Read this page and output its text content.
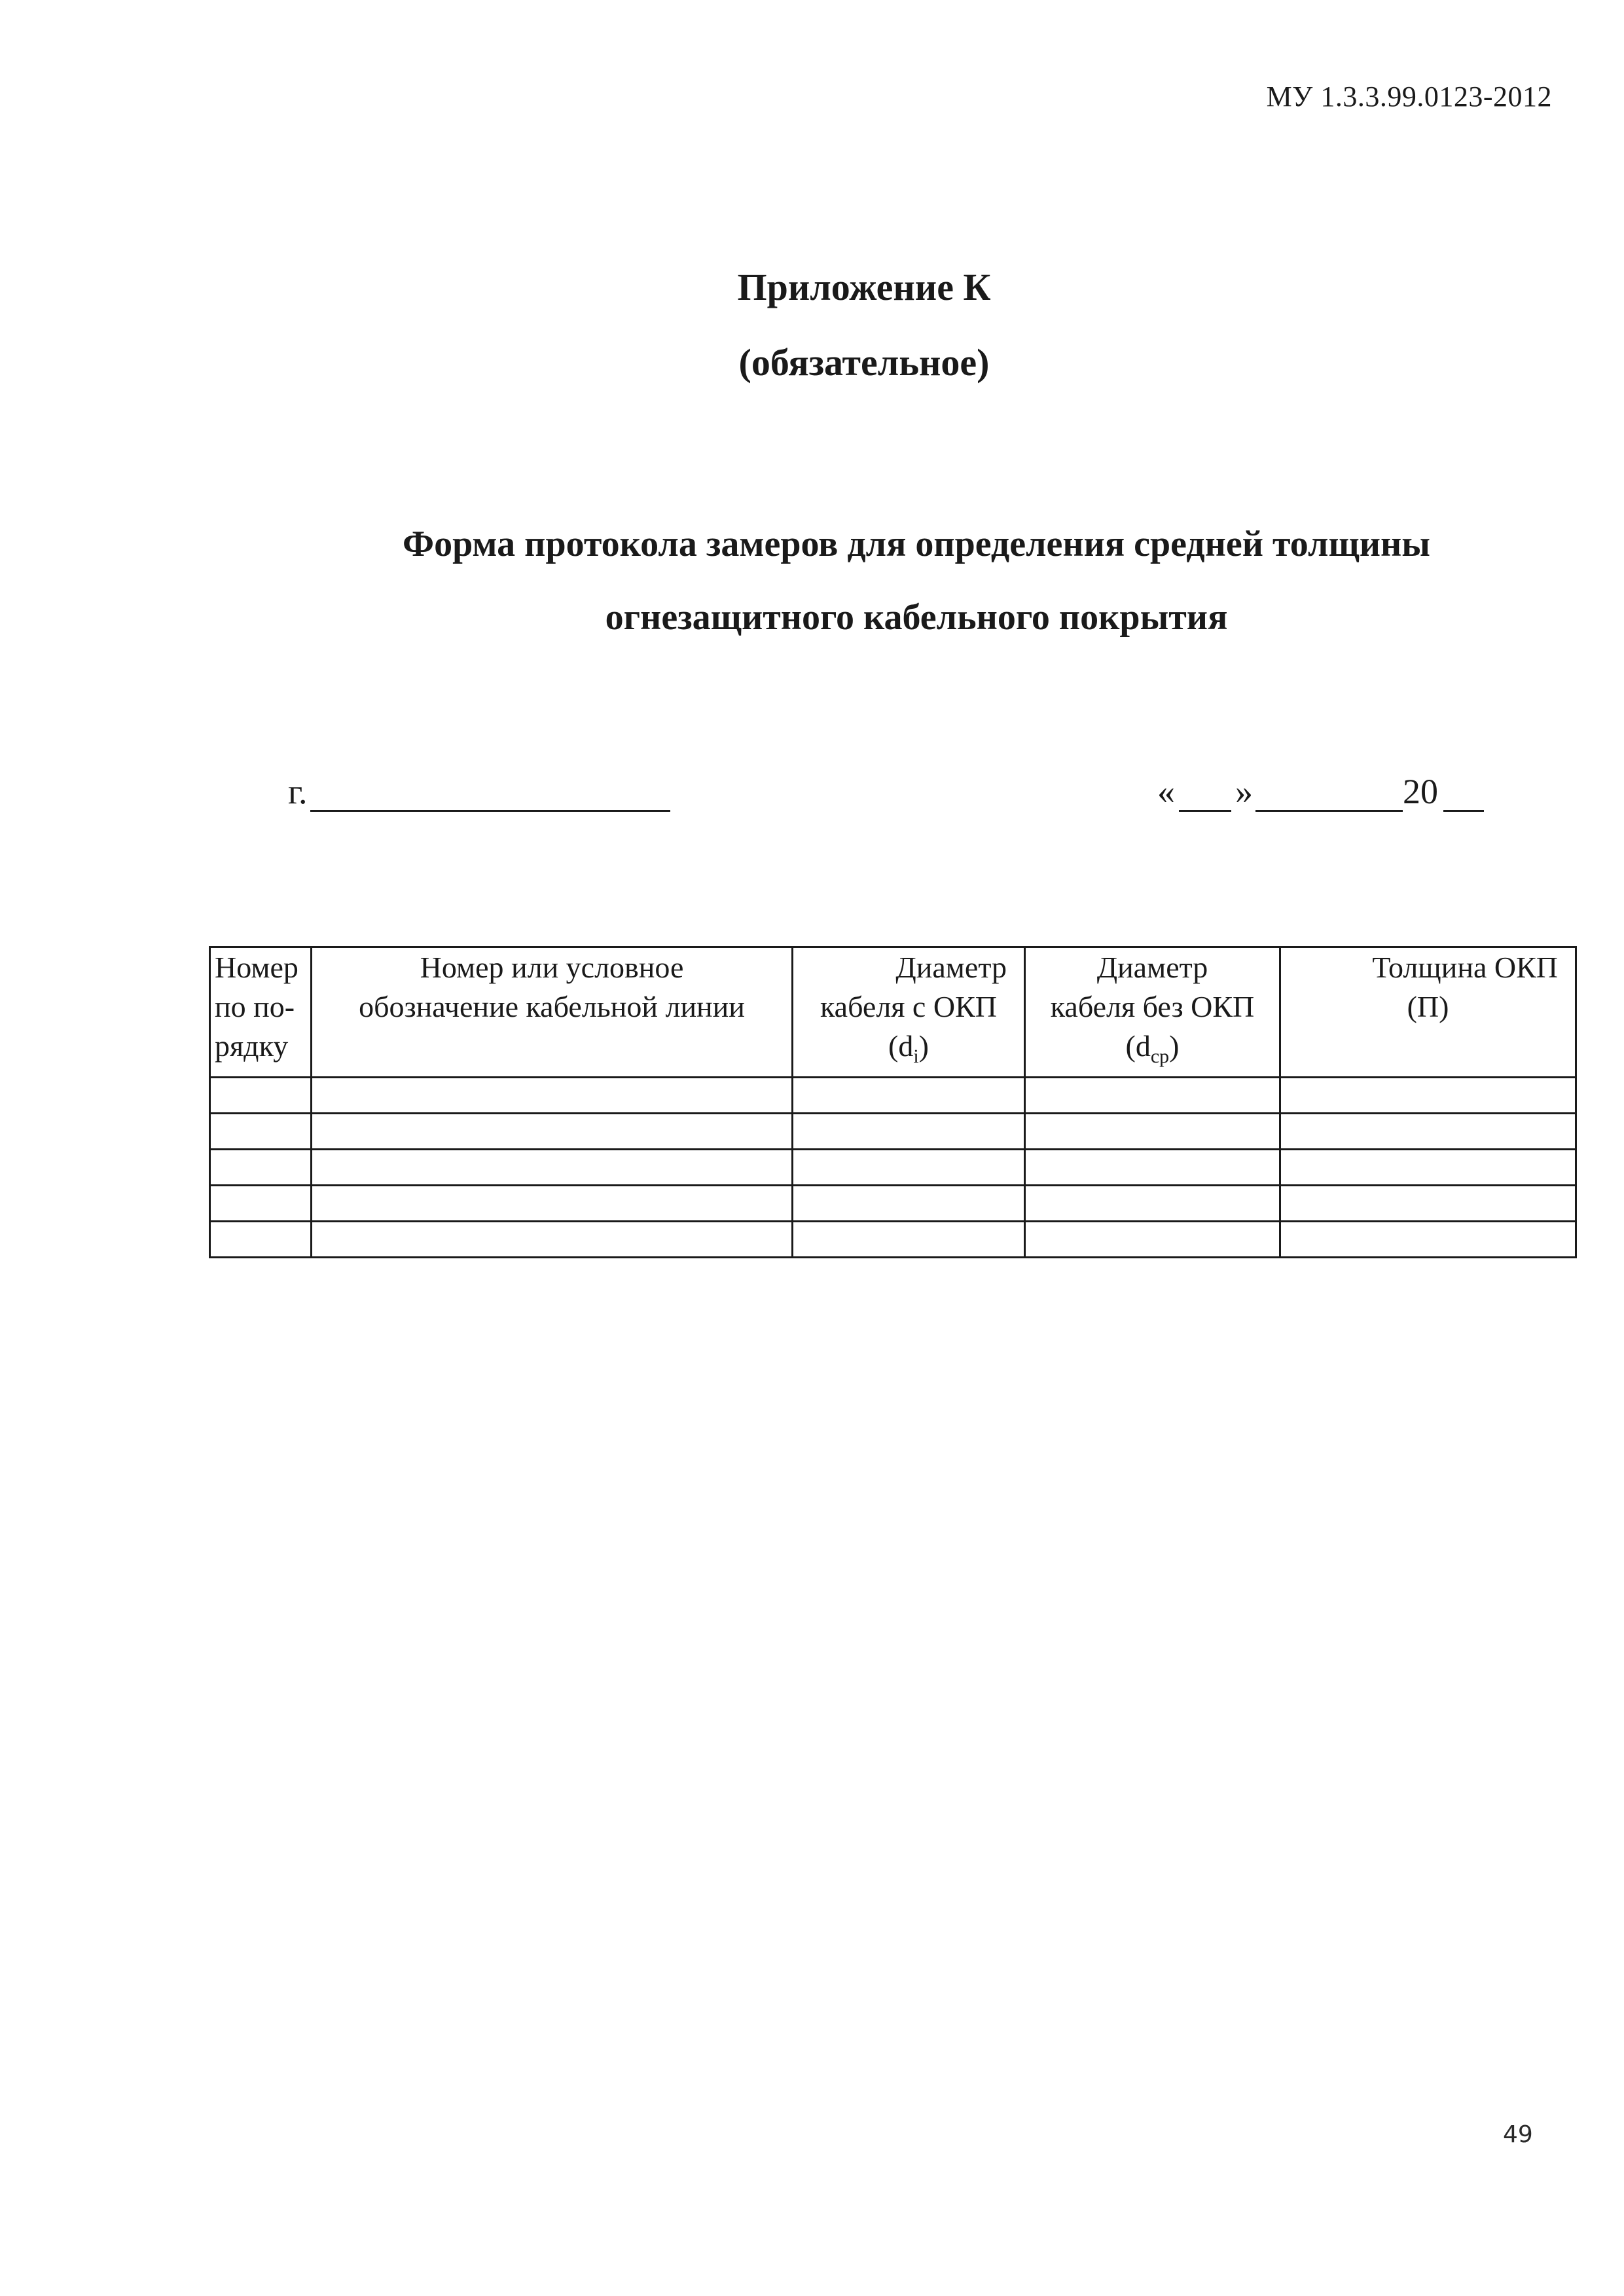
МУ 1.3.3.99.0123-2012
Приложение К
(обязательное)
Форма протокола замеров для определения средней толщины
огнезащитного кабельного покрытия
г.	« »	20
Номер
по по-
рядку	Номер или условное
обозначение кабельной линии	Диаметр
кабеля с ОКП
$(d_i)$	Диаметр
кабеля без ОКП
$(d_{ср})$	Толщина ОКП
(П)

49
